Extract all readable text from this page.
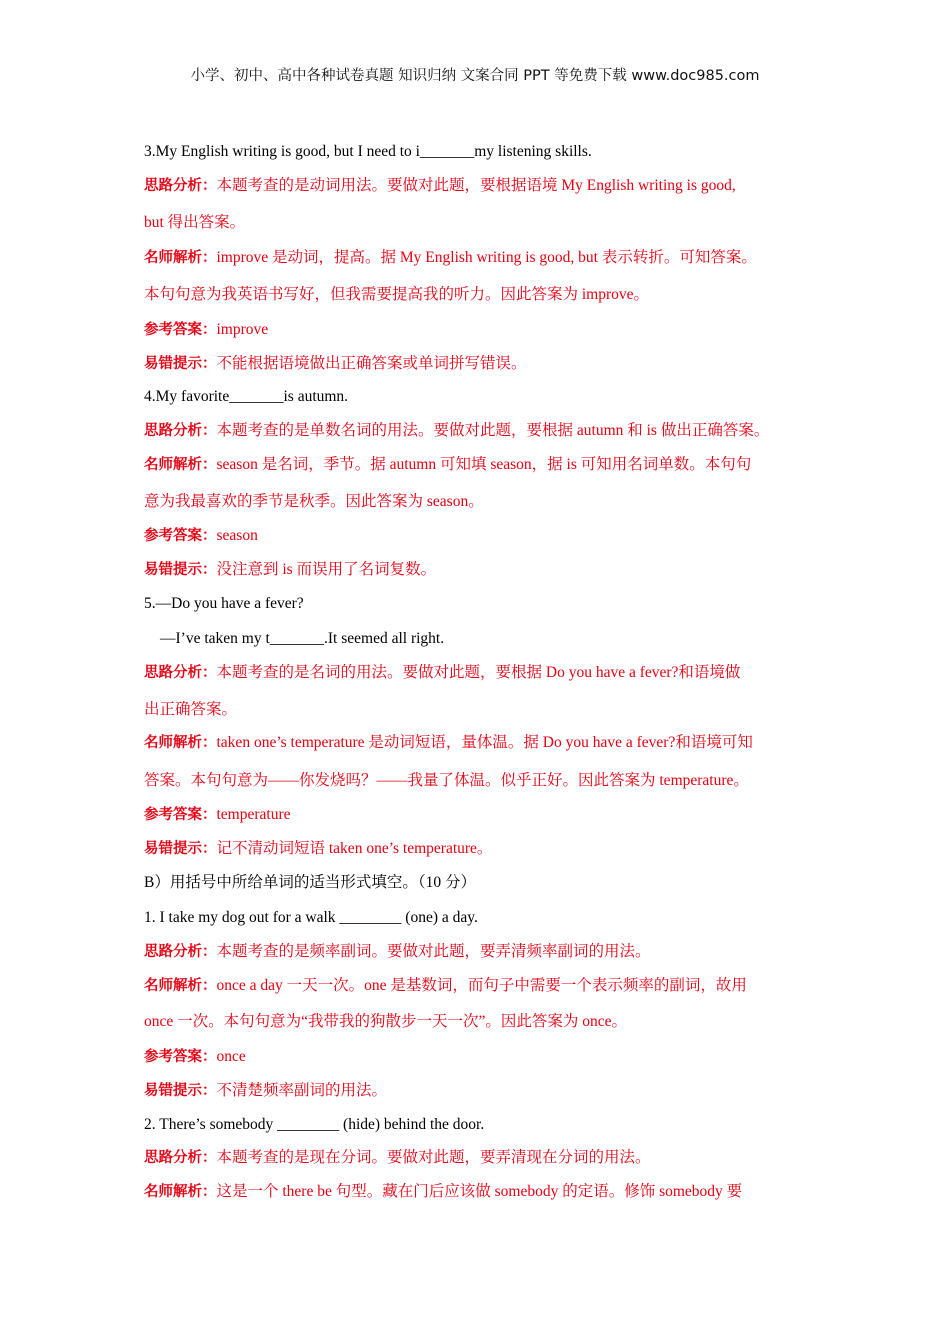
小学、初中、高中各种试卷真题 知识归纳 文案合同 PPT 等免费下载 www.doc985.com

3.My English writing is good, but I need to i_______my listening skills.

思路分析：本题考查的是动词用法。要做对此题，要根据语境 My English writing is good,

but 得出答案。

名师解析：improve 是动词，提高。据 My English writing is good, but 表示转折。可知答案。

本句句意为我英语书写好，但我需要提高我的听力。因此答案为 improve。

参考答案：improve

易错提示：不能根据语境做出正确答案或单词拼写错误。

4.My favorite_______is autumn.

思路分析：本题考查的是单数名词的用法。要做对此题，要根据 autumn 和 is 做出正确答案。

名师解析：season 是名词，季节。据 autumn 可知填 season，据 is 可知用名词单数。本句句

意为我最喜欢的季节是秋季。因此答案为 season。

参考答案：season

易错提示：没注意到 is 而误用了名词复数。

5.—Do you have a fever?

—I’ve taken my t_______.It seemed all right.

思路分析：本题考查的是名词的用法。要做对此题，要根据 Do you have a fever?和语境做

出正确答案。

名师解析：taken one’s temperature 是动词短语，量体温。据 Do you have a fever?和语境可知

答案。本句句意为——你发烧吗？——我量了体温。似乎正好。因此答案为 temperature。

参考答案：temperature

易错提示：记不清动词短语 taken one’s temperature。

B）用括号中所给单词的适当形式填空。（10 分）

1. I take my dog out for a walk ________ (one) a day.

思路分析：本题考查的是频率副词。要做对此题，要弄清频率副词的用法。

名师解析：once a day 一天一次。one 是基数词，而句子中需要一个表示频率的副词，故用

once 一次。本句句意为“我带我的狗散步一天一次”。因此答案为 once。

参考答案：once

易错提示：不清楚频率副词的用法。

2. There’s somebody ________ (hide) behind the door.

思路分析：本题考查的是现在分词。要做对此题，要弄清现在分词的用法。

名师解析：这是一个 there be 句型。藏在门后应该做 somebody 的定语。修饰 somebody 要
